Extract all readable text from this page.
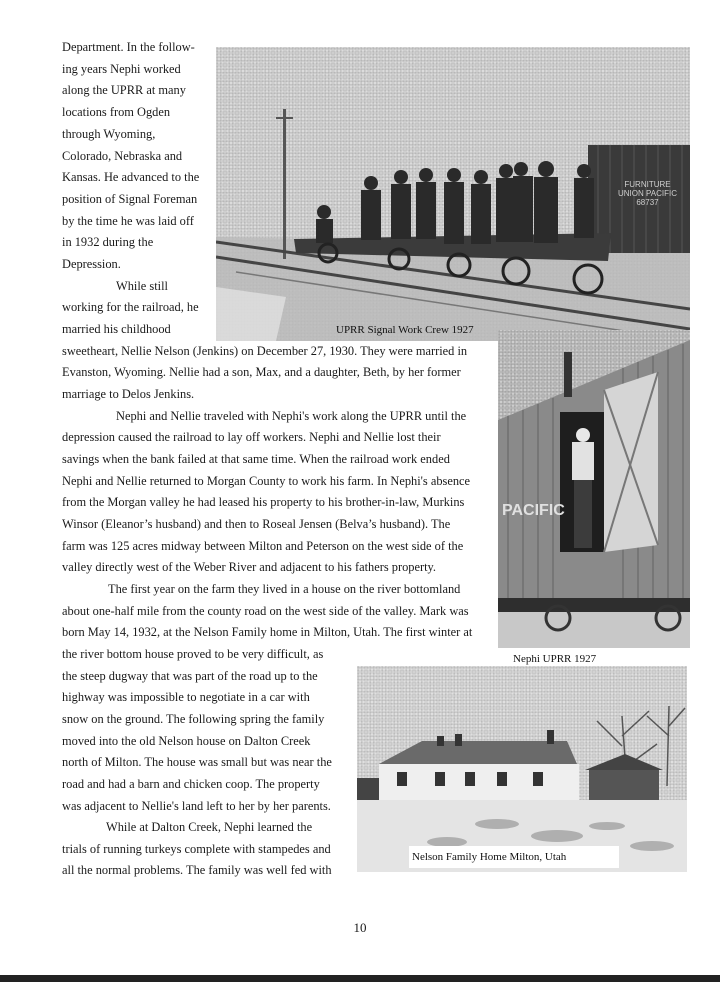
Department. In the follow-
ing years Nephi worked
along the UPRR at many
locations from Ogden
through Wyoming,
Colorado, Nebraska and
Kansas. He advanced to the
position of Signal Foreman
by the time he was laid off
in 1932 during the
Depression.
While still
working for the railroad, he
married his childhood
sweetheart, Nellie Nelson (Jenkins) on December 27, 1930. They were married in
Evanston, Wyoming. Nellie had a son, Max, and a daughter, Beth, by her former
marriage to Delos Jenkins.
Nephi and Nellie traveled with Nephi's work along the UPRR until the
depression caused the railroad to lay off workers. Nephi and Nellie lost their
savings when the bank failed at that same time. When the railroad work ended
Nephi and Nellie returned to Morgan County to work his farm. In Nephi's absence
from the Morgan valley he had leased his property to his brother-in-law, Murkins
Winsor (Eleanor’s husband) and then to Roseal Jensen (Belva’s husband). The
farm was 125 acres midway between Milton and Peterson on the west side of the
valley directly west of the Weber River and adjacent to his fathers property.
The first year on the farm they lived in a house on the river bottomland
about one-half mile from the county road on the west side of the valley. Mark was
born May 14, 1932, at the Nelson Family home in Milton, Utah. The first winter at
the river bottom house proved to be very difficult, as
the steep dugway that was part of the road up to the
highway was impossible to negotiate in a car with
snow on the ground. The following spring the family
moved into the old Nelson house on Dalton Creek
north of Milton. The house was small but was near the
road and had a barn and chicken coop. The property
was adjacent to Nellie's land left to her by her parents.
While at Dalton Creek, Nephi learned the
trials of running turkeys complete with stampedes and
all the normal problems. The family was well fed with
FURNITURE
UNION PACIFIC
68737
UPRR Signal Work Crew 1927
PACIFIC
Nephi UPRR 1927
Nelson Family Home Milton, Utah
10
